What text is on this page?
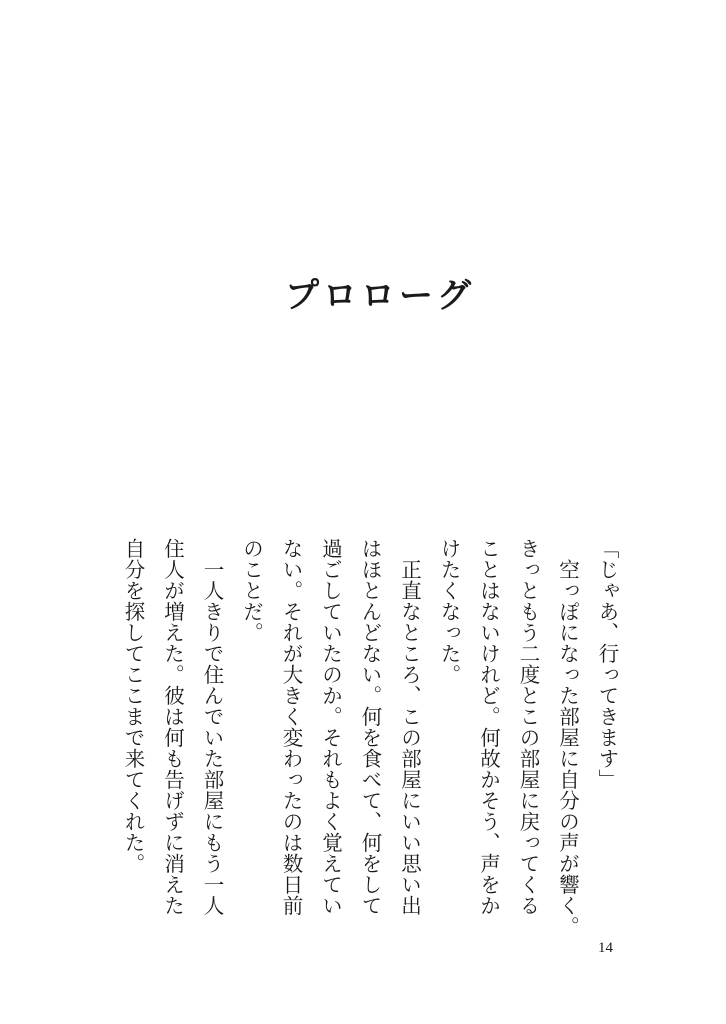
プロローグ

「じゃあ、行ってきます」

　空っぽになった部屋に自分の声が響く。

きっともう二度とこの部屋に戻ってくる

ことはないけれど。何故かそう、声をか

けたくなった。

　正直なところ、この部屋にいい思い出

はほとんどない。何を食べて、何をして

過ごしていたのか。それもよく覚えてい

ない。それが大きく変わったのは数日前

のことだ。

　一人きりで住んでいた部屋にもう一人

住人が増えた。彼は何も告げずに消えた

自分を探してここまで来てくれた。

14
